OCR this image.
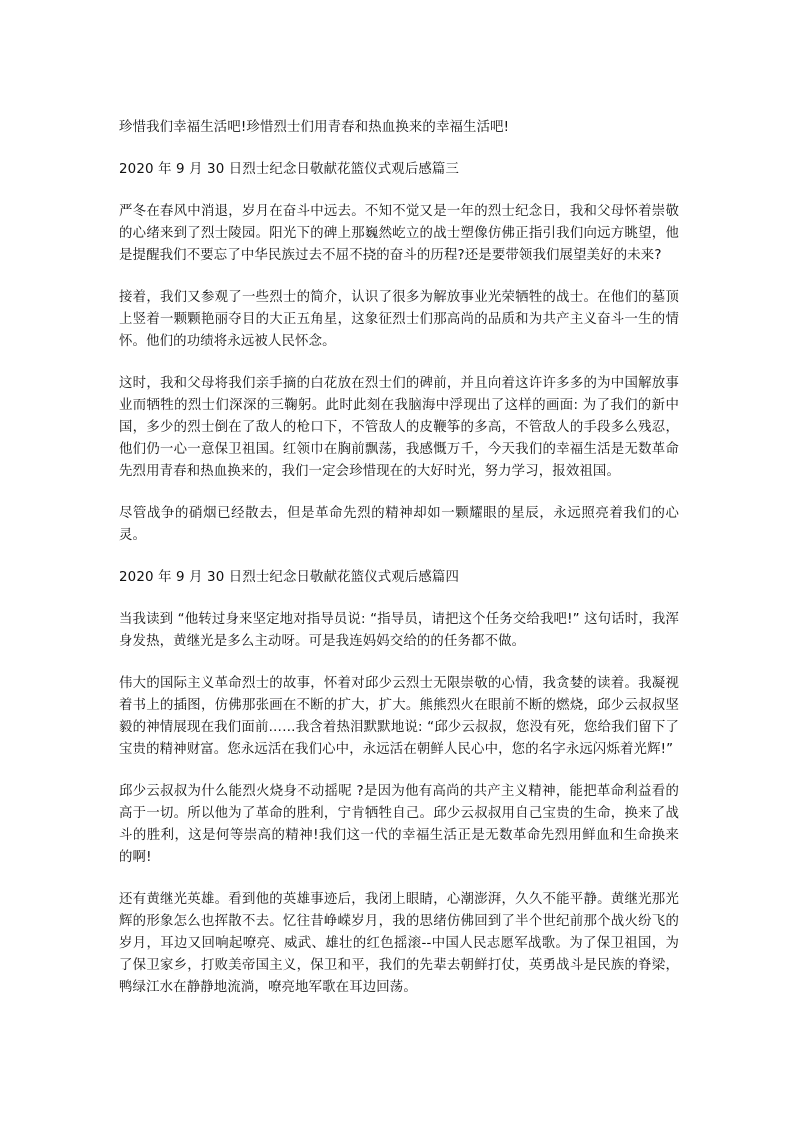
珍惜我们幸福生活吧!珍惜烈士们用青春和热血换来的幸福生活吧!

2020 年 9 月 30 日烈士纪念日敬献花篮仪式观后感篇三

严冬在春风中消退，岁月在奋斗中远去。不知不觉又是一年的烈士纪念日，我和父母怀着崇敬的心绪来到了烈士陵园。阳光下的碑上那巍然屹立的战士塑像仿佛正指引我们向远方眺望，他是提醒我们不要忘了中华民族过去不屈不挠的奋斗的历程?还是要带领我们展望美好的未来?

接着，我们又参观了一些烈士的简介，认识了很多为解放事业光荣牺牲的战士。在他们的墓顶上竖着一颗颗艳丽夺目的大正五角星，这象征烈士们那高尚的品质和为共产主义奋斗一生的情怀。他们的功绩将永远被人民怀念。

这时，我和父母将我们亲手摘的白花放在烈士们的碑前，并且向着这许许多多的为中国解放事业而牺牲的烈士们深深的三鞠躬。此时此刻在我脑海中浮现出了这样的画面: 为了我们的新中国，多少的烈士倒在了敌人的枪口下，不管敌人的皮鞭筝的多高，不管敌人的手段多么残忍，他们仍一心一意保卫祖国。红领巾在胸前飘荡，我感慨万千，今天我们的幸福生活是无数革命先烈用青春和热血换来的，我们一定会珍惜现在的大好时光，努力学习，报效祖国。

尽管战争的硝烟已经散去，但是革命先烈的精神却如一颗耀眼的星辰，永远照亮着我们的心灵。

2020 年 9 月 30 日烈士纪念日敬献花篮仪式观后感篇四

当我读到 “他转过身来坚定地对指导员说: “指导员，请把这个任务交给我吧!” 这句话时，我浑身发热，黄继光是多么主动呀。可是我连妈妈交给的的任务都不做。

伟大的国际主义革命烈士的故事，怀着对邱少云烈士无限崇敬的心情，我贪婪的读着。我凝视着书上的插图，仿佛那张画在不断的扩大，扩大。熊熊烈火在眼前不断的燃烧，邱少云叔叔坚毅的神情展现在我们面前……我含着热泪默默地说: “邱少云叔叔，您没有死，您给我们留下了宝贵的精神财富。您永远活在我们心中，永远活在朝鲜人民心中，您的名字永远闪烁着光辉!”

邱少云叔叔为什么能烈火烧身不动摇呢 ?是因为他有高尚的共产主义精神，能把革命利益看的高于一切。所以他为了革命的胜利，宁肯牺牲自己。邱少云叔叔用自己宝贵的生命，换来了战斗的胜利，这是何等崇高的精神!我们这一代的幸福生活正是无数革命先烈用鲜血和生命换来的啊!

还有黄继光英雄。看到他的英雄事迹后，我闭上眼睛，心潮澎湃，久久不能平静。黄继光那光辉的形象怎么也挥散不去。忆往昔峥嵘岁月，我的思绪仿佛回到了半个世纪前那个战火纷飞的岁月，耳边又回响起嘹亮、威武、雄壮的红色摇滚--中国人民志愿军战歌。为了保卫祖国，为了保卫家乡，打败美帝国主义，保卫和平，我们的先辈去朝鲜打仗，英勇战斗是民族的脊梁，鸭绿江水在静静地流淌，嘹亮地军歌在耳边回荡。
